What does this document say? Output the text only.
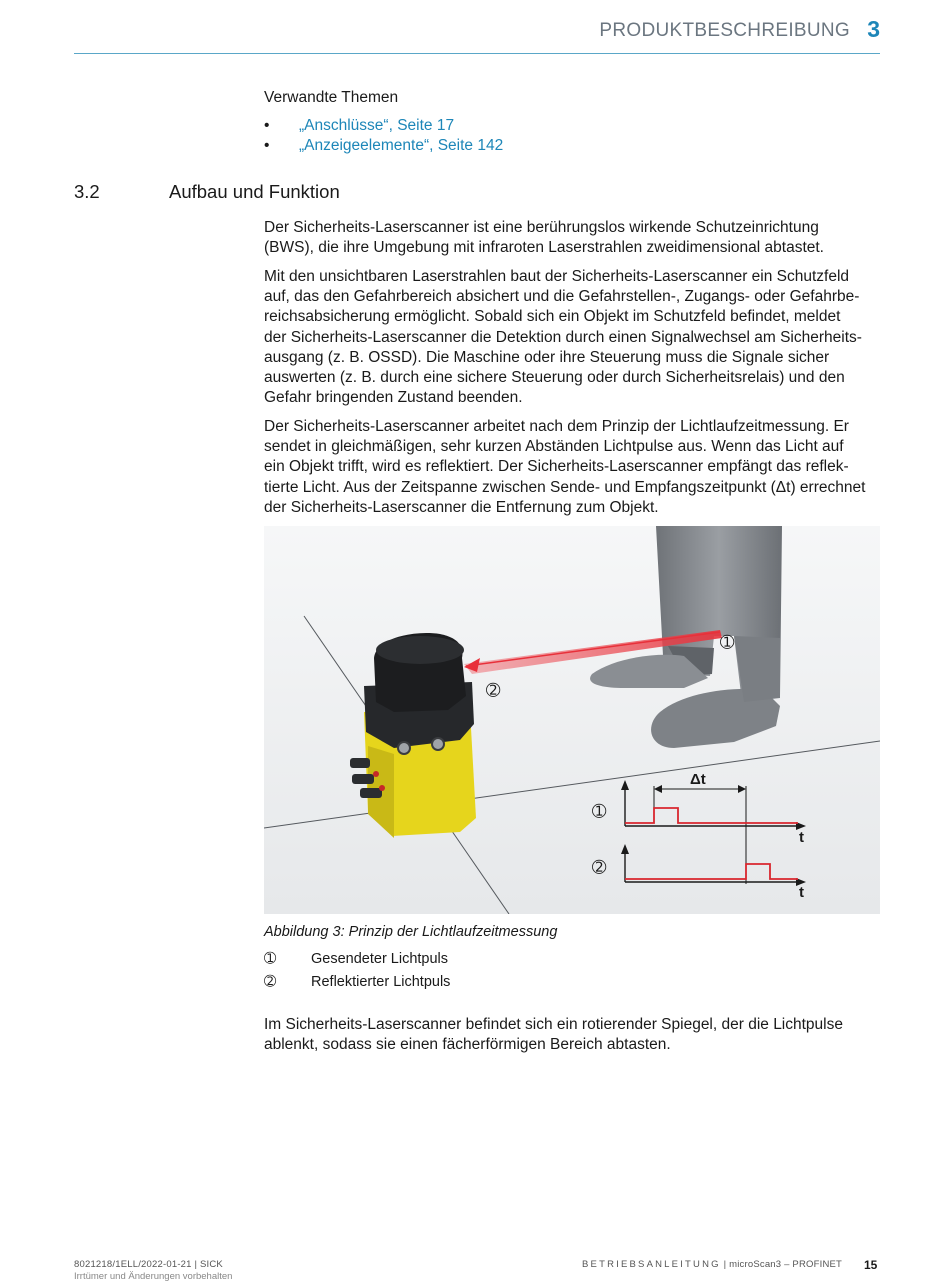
PRODUKTBESCHREIBUNG 3
Verwandte Themen
• „Anschlüsse“, Seite 17
• „Anzeigeelemente“, Seite 142
3.2	Aufbau und Funktion

Der Sicherheits-Laserscanner ist eine berührungslos wirkende Schutzeinrichtung
(BWS), die ihre Umgebung mit infraroten Laserstrahlen zweidimensional abtastet.

Mit den unsichtbaren Laserstrahlen baut der Sicherheits-Laserscanner ein Schutzfeld
auf, das den Gefahrbereich absichert und die Gefahrstellen-, Zugangs- oder Gefahrbe-
reichsabsicherung ermöglicht. Sobald sich ein Objekt im Schutzfeld befindet, meldet
der Sicherheits-Laserscanner die Detektion durch einen Signalwechsel am Sicherheits-
ausgang (z. B. OSSD). Die Maschine oder ihre Steuerung muss die Signale sicher
auswerten (z. B. durch eine sichere Steuerung oder durch Sicherheitsrelais) und den
Gefahr bringenden Zustand beenden.

Der Sicherheits-Laserscanner arbeitet nach dem Prinzip der Lichtlaufzeitmessung. Er
sendet in gleichmäßigen, sehr kurzen Abständen Lichtpulse aus. Wenn das Licht auf
ein Objekt trifft, wird es reflektiert. Der Sicherheits-Laserscanner empfängt das reflek-
tierte Licht. Aus der Zeitspanne zwischen Sende- und Empfangszeitpunkt (Δt) errechnet
der Sicherheits-Laserscanner die Entfernung zum Objekt.

➀
➁
Δt
➀
t
➁
t
Abbildung 3: Prinzip der Lichtlaufzeitmessung
➀ Gesendeter Lichtpuls
➁ Reflektierter Lichtpuls

Im Sicherheits-Laserscanner befindet sich ein rotierender Spiegel, der die Lichtpulse
ablenkt, sodass sie einen fächerförmigen Bereich abtasten.

8021218/1ELL/2022-01-21 | SICK
Irrtümer und Änderungen vorbehalten
BETRIEBSANLEITUNG | microScan3 – PROFINET 15
